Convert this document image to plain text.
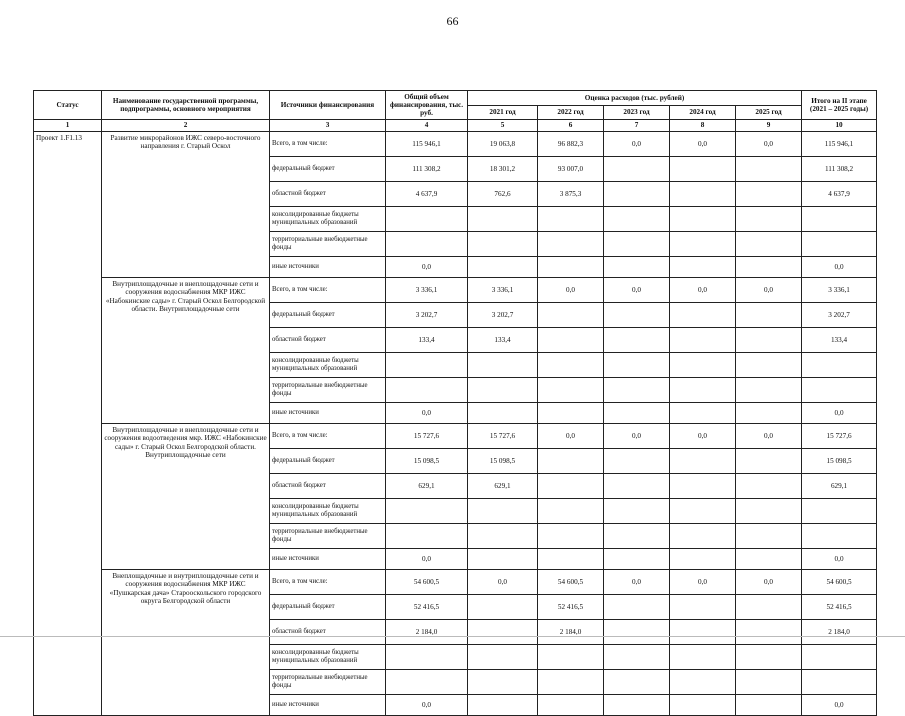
66
Статус	Наименование государственной программы, подпрограммы, основного мероприятия	Источники финансирования	Общий объем финансирования, тыс. руб.	Оценка расходов (тыс. рублей)					Итого на II этапе (2021 – 2025 годы)
				2021 год	2022 год	2023 год	2024 год	2025 год	
1	2	3	4	5	6	7	8	9	10
Проект 1.F1.13	Развитие микрорайонов ИЖС северо-восточного направления г. Старый Оскол	Всего, в том числе:	115 946,1	19 063,8	96 882,3	0,0	0,0	0,0	115 946,1
		федеральный бюджет	111 308,2	18 301,2	93 007,0				111 308,2
		областной бюджет	4 637,9	762,6	3 875,3				4 637,9
		консолидированные бюджеты муниципальных образований							
		территориальные внебюджетные фонды							
		иные источники	0,0						0,0
	Внутриплощадочные и внеплощадочные сети и сооружения водоснабжения МКР ИЖС «Набокинские сады» г. Старый Оскол Белгородской области. Внутриплощадочные сети	Всего, в том числе:	3 336,1	3 336,1	0,0	0,0	0,0	0,0	3 336,1
		федеральный бюджет	3 202,7	3 202,7					3 202,7
		областной бюджет	133,4	133,4					133,4
		консолидированные бюджеты муниципальных образований							
		территориальные внебюджетные фонды							
		иные источники	0,0						0,0
	Внутриплощадочные и внеплощадочные сети и сооружения водоотведения мкр. ИЖС «Набокинские сады» г. Старый Оскол Белгородской области. Внутриплощадочные сети	Всего, в том числе:	15 727,6	15 727,6	0,0	0,0	0,0	0,0	15 727,6
		федеральный бюджет	15 098,5	15 098,5					15 098,5
		областной бюджет	629,1	629,1					629,1
		консолидированные бюджеты муниципальных образований							
		территориальные внебюджетные фонды							
		иные источники	0,0						0,0
	Внеплощадочные и внутриплощадочные сети и сооружения водоснабжения МКР ИЖС «Пушкарская дача» Старооскольского городского округа Белгородской области	Всего, в том числе:	54 600,5	0,0	54 600,5	0,0	0,0	0,0	54 600,5
		федеральный бюджет	52 416,5		52 416,5				52 416,5
		областной бюджет	2 184,0		2 184,0				2 184,0
		консолидированные бюджеты муниципальных образований							
		территориальные внебюджетные фонды							
		иные источники	0,0						0,0
